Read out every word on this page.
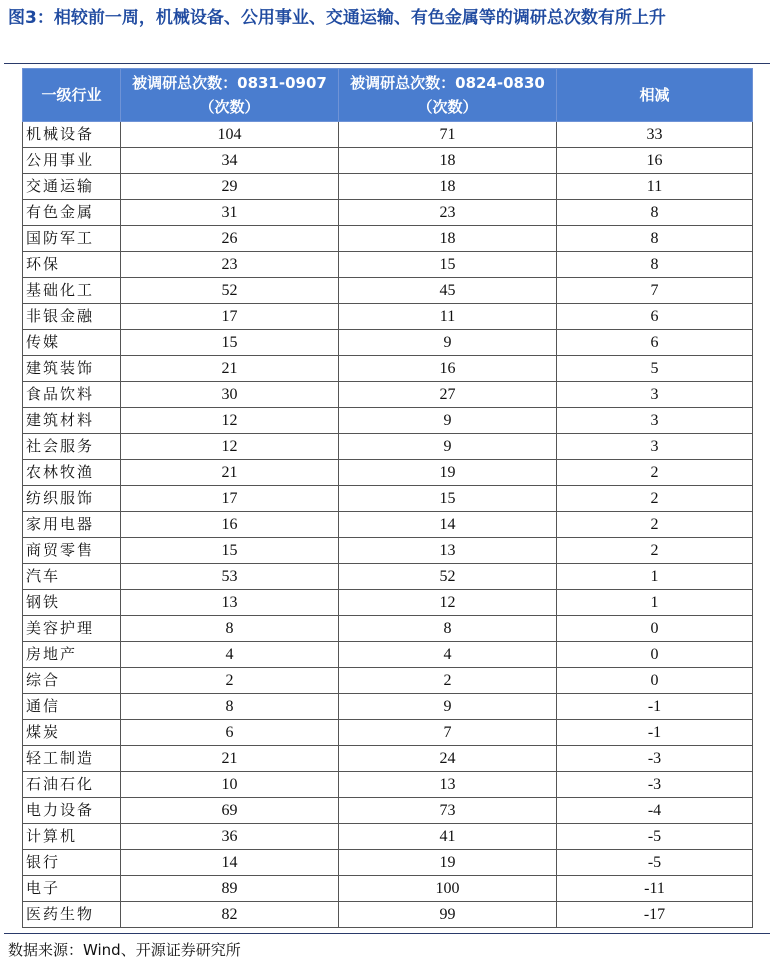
图3：相较前一周，机械设备、公用事业、交通运输、有色金属等的调研总次数有所上升
一级行业	被调研总次数：0831-0907（次数）	被调研总次数：0824-0830（次数）	相减
机械设备	104	71	33
公用事业	34	18	16
交通运输	29	18	11
有色金属	31	23	8
国防军工	26	18	8
环保	23	15	8
基础化工	52	45	7
非银金融	17	11	6
传媒	15	9	6
建筑装饰	21	16	5
食品饮料	30	27	3
建筑材料	12	9	3
社会服务	12	9	3
农林牧渔	21	19	2
纺织服饰	17	15	2
家用电器	16	14	2
商贸零售	15	13	2
汽车	53	52	1
钢铁	13	12	1
美容护理	8	8	0
房地产	4	4	0
综合	2	2	0
通信	8	9	-1
煤炭	6	7	-1
轻工制造	21	24	-3
石油石化	10	13	-3
电力设备	69	73	-4
计算机	36	41	-5
银行	14	19	-5
电子	89	100	-11
医药生物	82	99	-17
数据来源：Wind、开源证券研究所
